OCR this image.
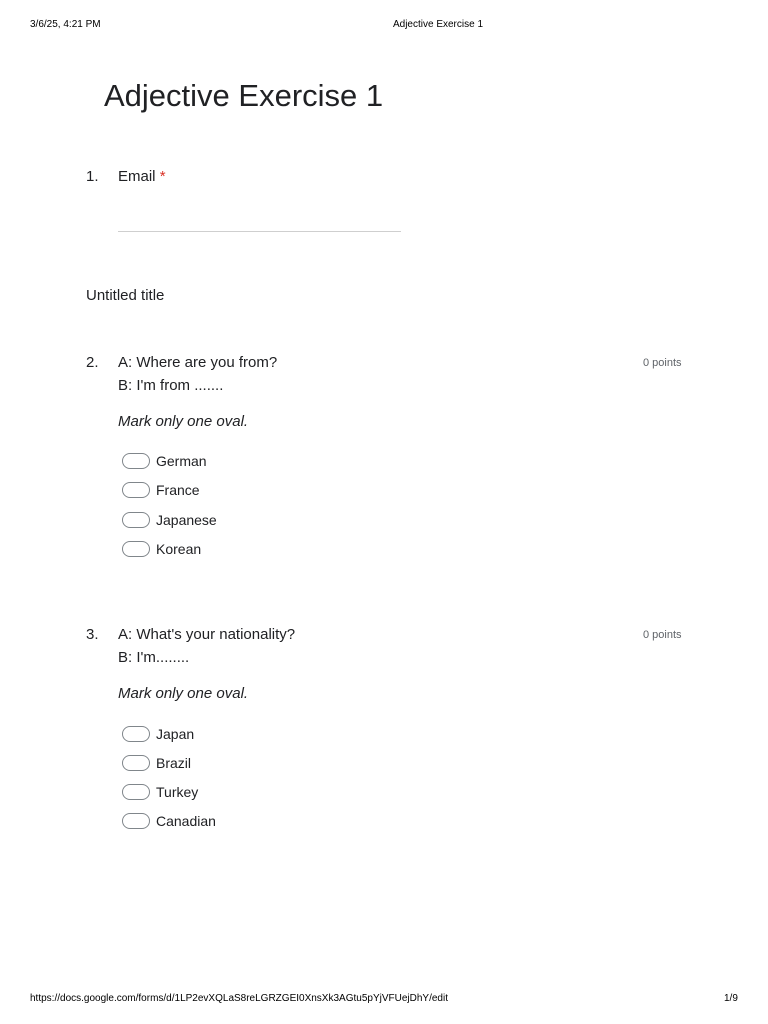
3/6/25, 4:21 PM	Adjective Exercise 1
Adjective Exercise 1
1. Email *
Untitled title
2. A: Where are you from?
B: I'm from .......
0 points
Mark only one oval.
German
France
Japanese
Korean
3. A: What's your nationality?
B: I'm........
0 points
Mark only one oval.
Japan
Brazil
Turkey
Canadian
https://docs.google.com/forms/d/1LP2evXQLaS8reLGRZGEI0XnsXk3AGtu5pYjVFUejDhY/edit	1/9
